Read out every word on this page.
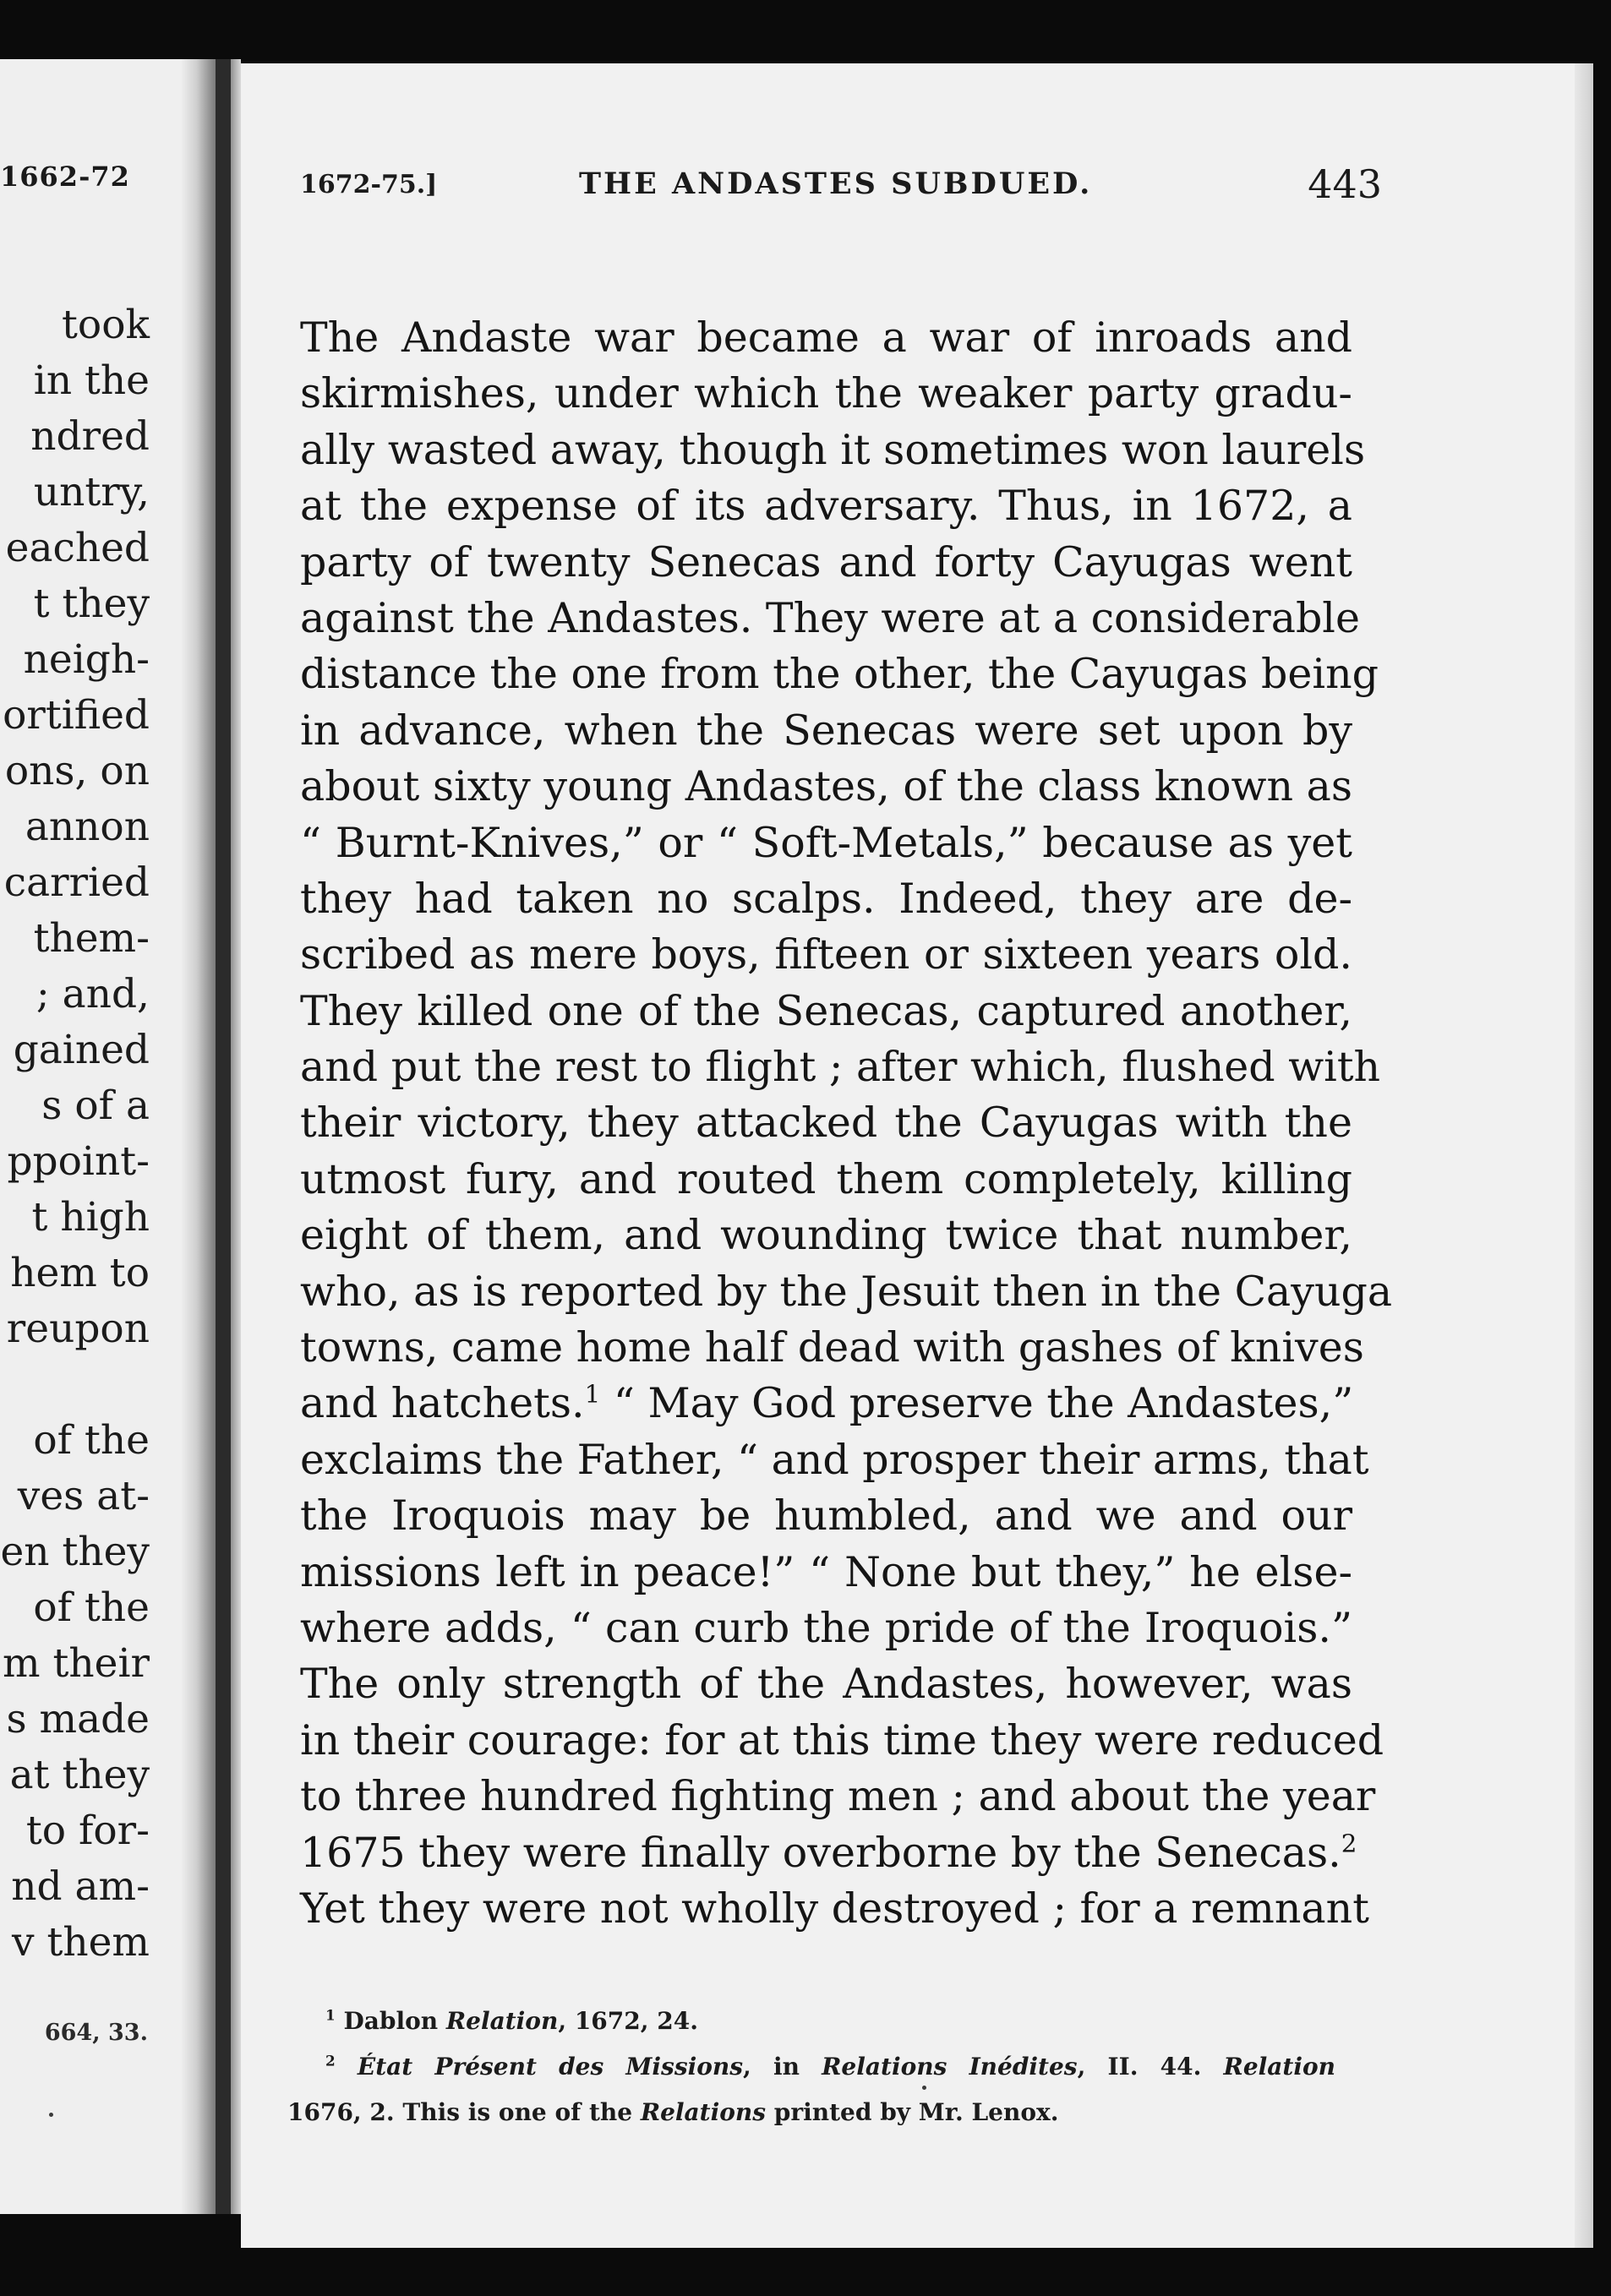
1662-72
took
in the
ndred
untry,
eached
t they
neigh-
ortified
ons, on
annon
carried
them-
; and,
gained
s of a
ppoint-
t high
hem to
reupon
of the
ves at-
en they
of the
m their
s made
at they
to for-
nd am-
v them
664, 33.
1672-75.]	THE ANDASTES SUBDUED.	443
The Andaste war became a war of inroads and
skirmishes, under which the weaker party gradu-
ally wasted away, though it sometimes won laurels
at the expense of its adversary. Thus, in 1672, a
party of twenty Senecas and forty Cayugas went
against the Andastes. They were at a considerable
distance the one from the other, the Cayugas being
in advance, when the Senecas were set upon by
about sixty young Andastes, of the class known as
“ Burnt-Knives,” or “ Soft-Metals,” because as yet
they had taken no scalps. Indeed, they are de-
scribed as mere boys, fifteen or sixteen years old.
They killed one of the Senecas, captured another,
and put the rest to flight ; after which, flushed with
their victory, they attacked the Cayugas with the
utmost fury, and routed them completely, killing
eight of them, and wounding twice that number,
who, as is reported by the Jesuit then in the Cayuga
towns, came home half dead with gashes of knives
and hatchets.$^1$ “ May God preserve the Andastes,”
exclaims the Father, “ and prosper their arms, that
the Iroquois may be humbled, and we and our
missions left in peace!” “ None but they,” he else-
where adds, “ can curb the pride of the Iroquois.”
The only strength of the Andastes, however, was
in their courage: for at this time they were reduced
to three hundred fighting men ; and about the year
1675 they were finally overborne by the Senecas.$^2$
Yet they were not wholly destroyed ; for a remnant
$^1$ Dablon Relation, 1672, 24.
$^2$ État Présent des Missions, in Relations Inédites, II. 44. Relation
1676, 2. This is one of the Relations printed by Mr. Lenox.
